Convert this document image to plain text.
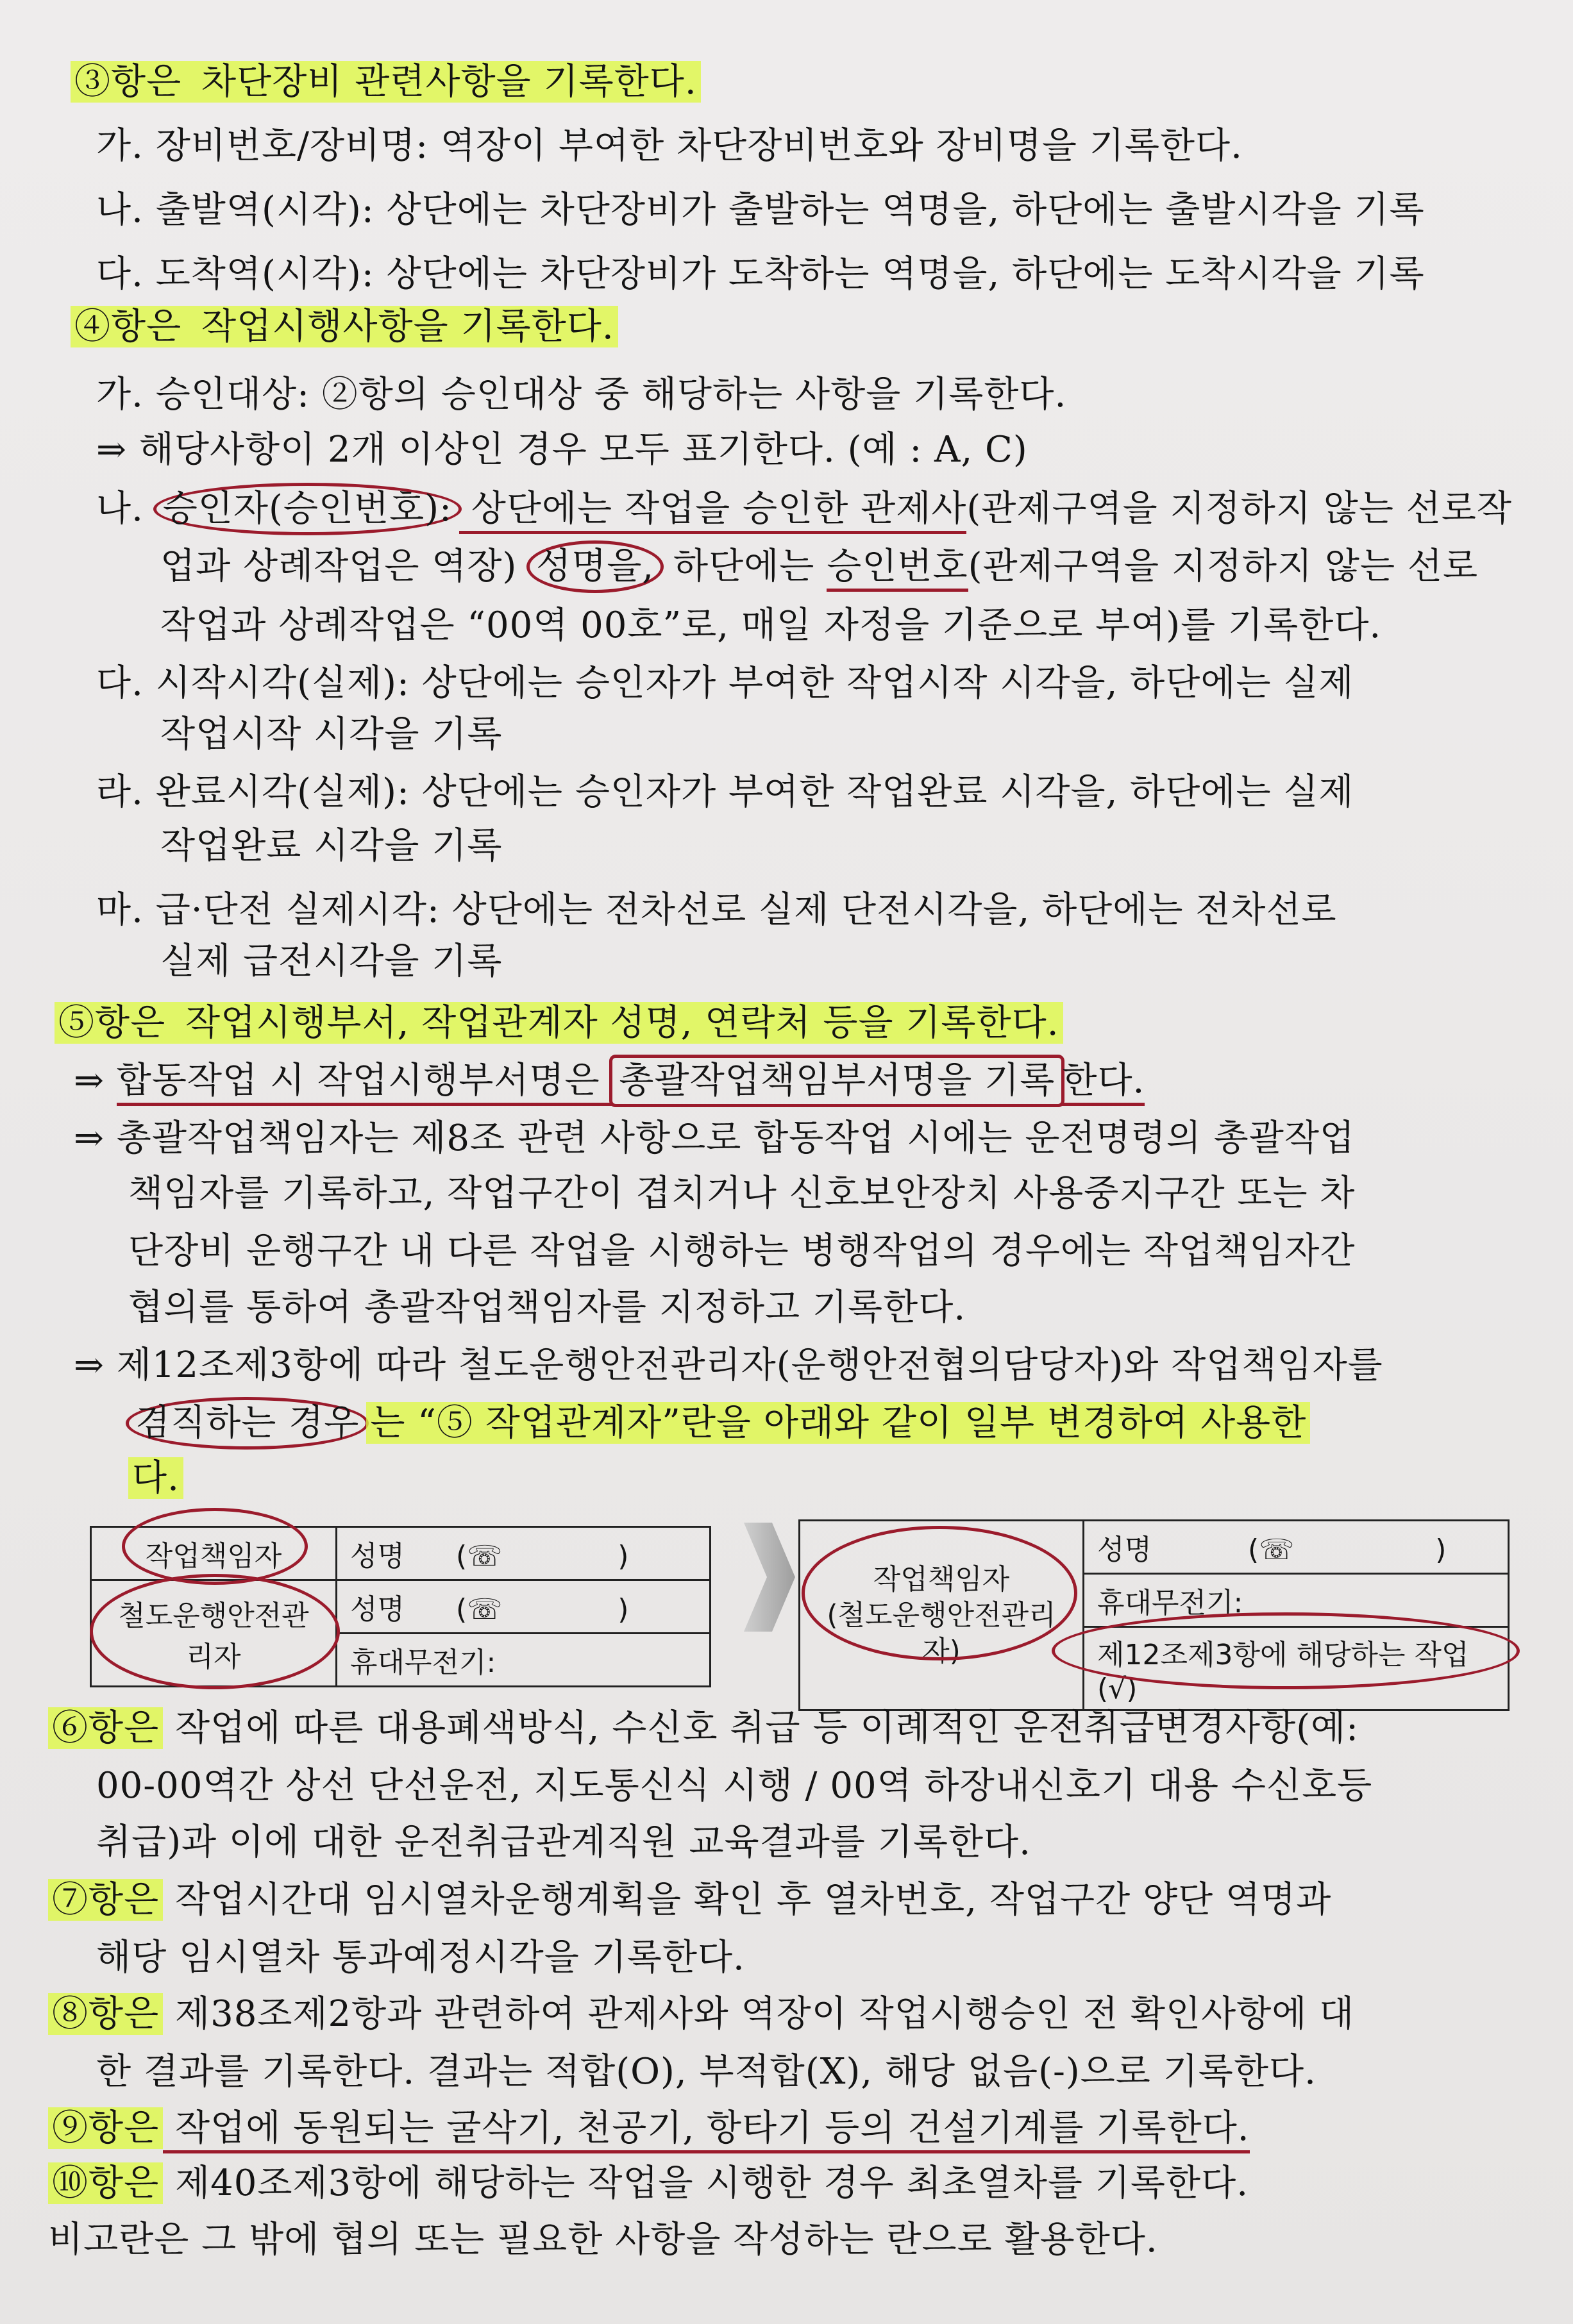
③항은 차단장비 관련사항을 기록한다.
가. 장비번호/장비명: 역장이 부여한 차단장비번호와 장비명을 기록한다.
나. 출발역(시각): 상단에는 차단장비가 출발하는 역명을, 하단에는 출발시각을 기록
다. 도착역(시각): 상단에는 차단장비가 도착하는 역명을, 하단에는 도착시각을 기록
④항은 작업시행사항을 기록한다.
가. 승인대상: ②항의 승인대상 중 해당하는 사항을 기록한다.
⇒ 해당사항이 2개 이상인 경우 모두 표기한다. (예 : A, C)
나. 승인자(승인번호): 상단에는 작업을 승인한 관제사(관제구역을 지정하지 않는 선로작
업과 상례작업은 역장) 성명을, 하단에는 승인번호(관제구역을 지정하지 않는 선로
작업과 상례작업은 “00역 00호”로, 매일 자정을 기준으로 부여)를 기록한다.
다. 시작시각(실제): 상단에는 승인자가 부여한 작업시작 시각을, 하단에는 실제
작업시작 시각을 기록
라. 완료시각(실제): 상단에는 승인자가 부여한 작업완료 시각을, 하단에는 실제
작업완료 시각을 기록
마. 급·단전 실제시각: 상단에는 전차선로 실제 단전시각을, 하단에는 전차선로
실제 급전시각을 기록
⑤항은 작업시행부서, 작업관계자 성명, 연락처 등을 기록한다.
⇒ 합동작업 시 작업시행부서명은 총괄작업책임부서명을 기록 한다.
⇒ 총괄작업책임자는 제8조 관련 사항으로 합동작업 시에는 운전명령의 총괄작업
책임자를 기록하고, 작업구간이 겹치거나 신호보안장치 사용중지구간 또는 차
단장비 운행구간 내 다른 작업을 시행하는 병행작업의 경우에는 작업책임자간
협의를 통하여 총괄작업책임자를 지정하고 기록한다.
⇒ 제12조제3항에 따라 철도운행안전관리자(운행안전협의담당자)와 작업책임자를
겸직하는 경우 는 “⑤ 작업관계자”란을 아래와 같이 일부 변경하여 사용한
다.
작업책임자	성명 (☏ )
철도운행안전관리자	성명 (☏ )
	휴대무전기:
작업책임자
(철도운행안전관리자)
	성명	(☏	)
휴대무전기:
제12조제3항에 해당하는 작업 (√)
⑥항은 작업에 따른 대용폐색방식, 수신호 취급 등 이례적인 운전취급변경사항(예:
00-00역간 상선 단선운전, 지도통신식 시행 / 00역 하장내신호기 대용 수신호등
취급)과 이에 대한 운전취급관계직원 교육결과를 기록한다.
⑦항은 작업시간대 임시열차운행계획을 확인 후 열차번호, 작업구간 양단 역명과
해당 임시열차 통과예정시각을 기록한다.
⑧항은 제38조제2항과 관련하여 관제사와 역장이 작업시행승인 전 확인사항에 대
한 결과를 기록한다. 결과는 적합(O), 부적합(X), 해당 없음(-)으로 기록한다.
⑨항은 작업에 동원되는 굴삭기, 천공기, 항타기 등의 건설기계를 기록한다.
⑩항은 제40조제3항에 해당하는 작업을 시행한 경우 최초열차를 기록한다.
비고란은 그 밖에 협의 또는 필요한 사항을 작성하는 란으로 활용한다.
